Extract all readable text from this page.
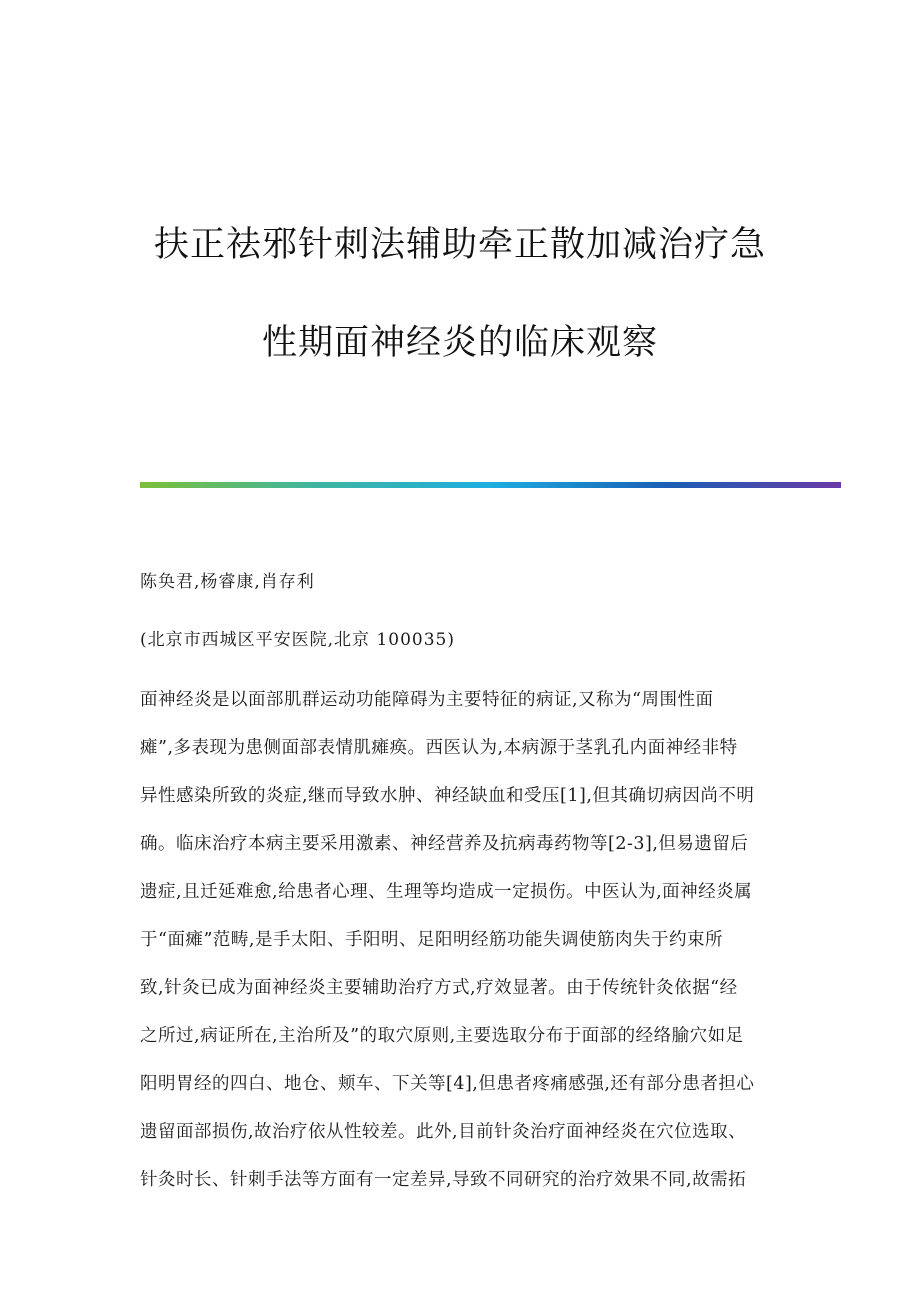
扶正祛邪针刺法辅助牵正散加减治疗急
性期面神经炎的临床观察
陈奂君,杨睿康,肖存利
(北京市西城区平安医院,北京 100035)
面神经炎是以面部肌群运动功能障碍为主要特征的病证,又称为“周围性面
瘫”,多表现为患侧面部表情肌瘫痪。西医认为,本病源于茎乳孔内面神经非特
异性感染所致的炎症,继而导致水肿、神经缺血和受压[1],但其确切病因尚不明
确。临床治疗本病主要采用激素、神经营养及抗病毒药物等[2-3],但易遗留后
遗症,且迁延难愈,给患者心理、生理等均造成一定损伤。中医认为,面神经炎属
于“面瘫”范畴,是手太阳、手阳明、足阳明经筋功能失调使筋肉失于约束所
致,针灸已成为面神经炎主要辅助治疗方式,疗效显著。由于传统针灸依据“经
之所过,病证所在,主治所及”的取穴原则,主要选取分布于面部的经络腧穴如足
阳明胃经的四白、地仓、颊车、下关等[4],但患者疼痛感强,还有部分患者担心
遗留面部损伤,故治疗依从性较差。此外,目前针灸治疗面神经炎在穴位选取、
针灸时长、针刺手法等方面有一定差异,导致不同研究的治疗效果不同,故需拓
